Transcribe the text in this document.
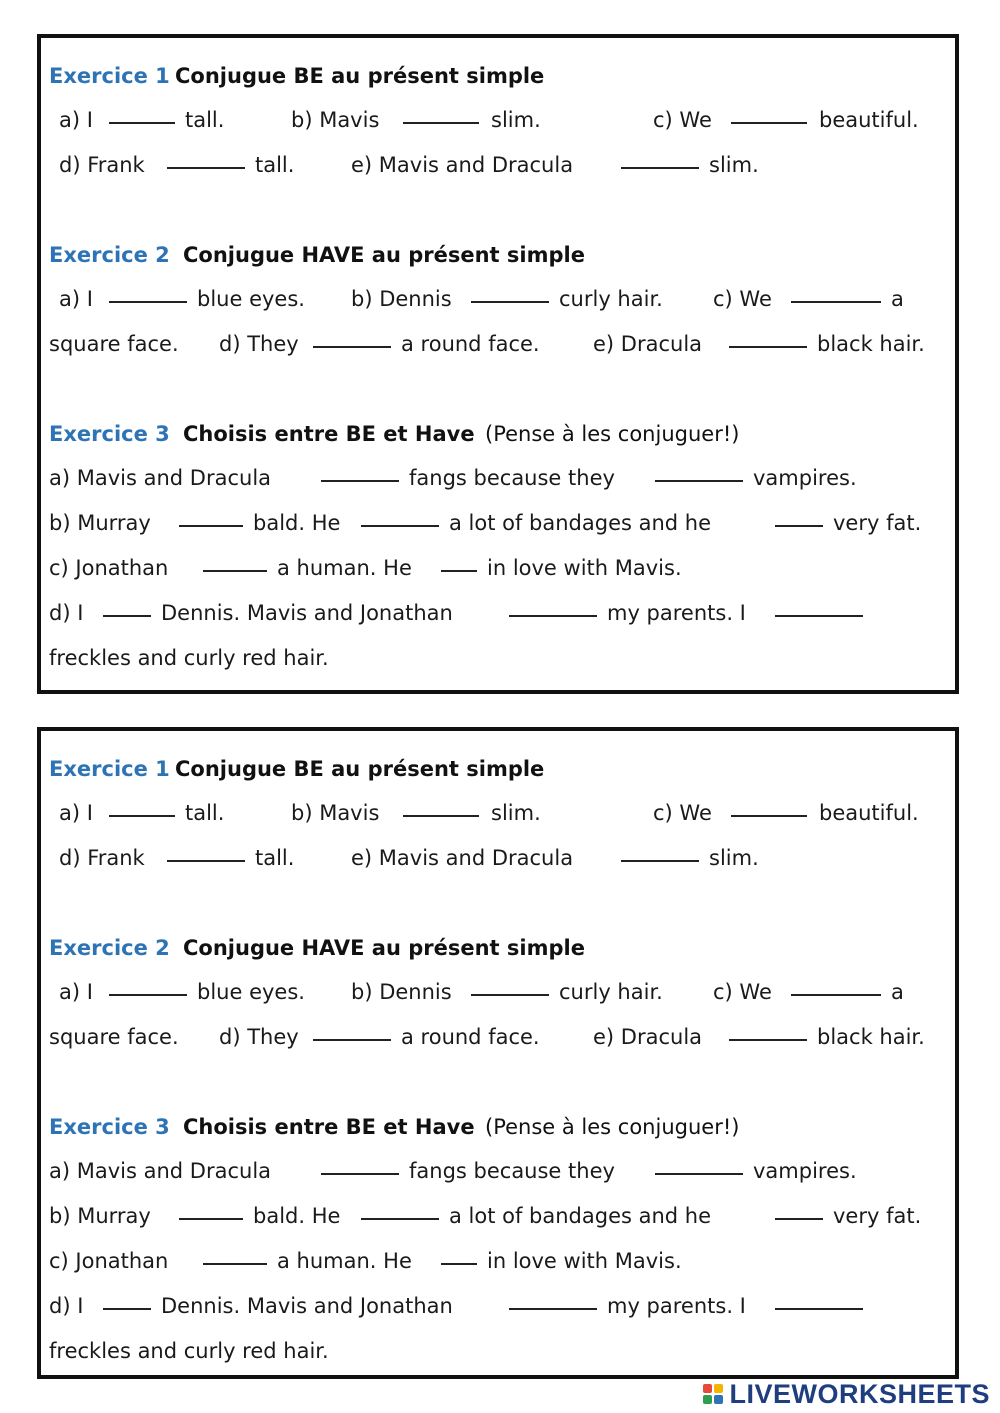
Exercice 1 Conjugue BE au présent simple
a) I	tall.	b) Mavis	slim.	c) We	beautiful.
d) Frank	tall.	e) Mavis and Dracula	slim.
Exercice 2 Conjugue HAVE au présent simple
a) I	blue eyes. b) Dennis	curly hair. c) We	a
square face. d) They	a round face.	e) Dracula	black hair.
Exercice 3 Choisis entre BE et Have (Pense à les conjuguer!)
a) Mavis and Dracula	fangs because they	vampires.
b) Murray	bald. He	a lot of bandages and he	very fat.
c) Jonathan	a human. He	in love with Mavis.
d) I	Dennis. Mavis and Jonathan	my parents. I
freckles and curly red hair.
Exercice 1 Conjugue BE au présent simple
a) I	tall.	b) Mavis	slim.	c) We	beautiful.
d) Frank	tall.	e) Mavis and Dracula	slim.
Exercice 2 Conjugue HAVE au présent simple
a) I	blue eyes. b) Dennis	curly hair. c) We	a
square face. d) They	a round face.	e) Dracula	black hair.
Exercice 3 Choisis entre BE et Have (Pense à les conjuguer!)
a) Mavis and Dracula	fangs because they	vampires.
b) Murray	bald. He	a lot of bandages and he	very fat.
c) Jonathan	a human. He	in love with Mavis.
d) I	Dennis. Mavis and Jonathan	my parents. I
freckles and curly red hair.
LIVEWORKSHEETS
